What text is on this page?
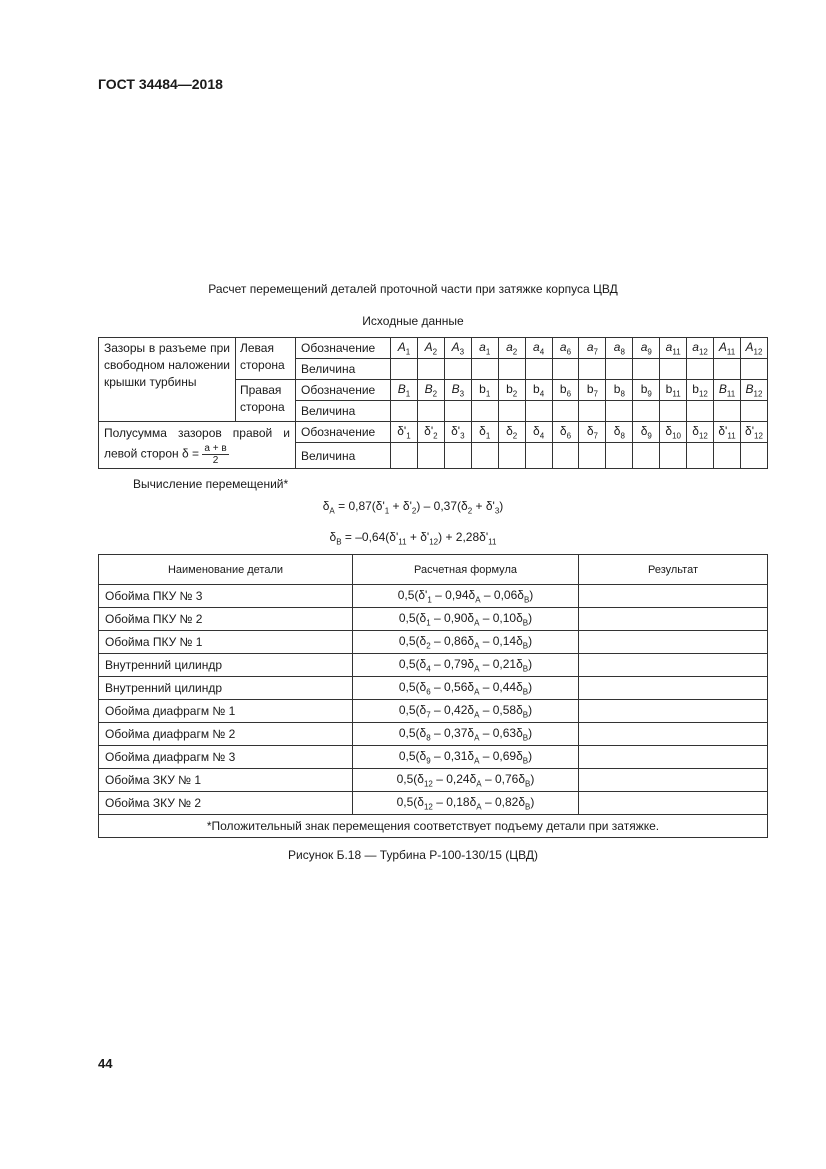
ГОСТ 34484—2018
Расчет перемещений деталей проточной части при затяжке корпуса ЦВД
Исходные данные
Зазоры в разъеме при свободном наложении крышки турбины	Левая сторона	Обозначение	$A_1$	$A_2$	$A_3$	$a_1$	$a_2$	$a_4$	$a_6$	$a_7$	$a_8$	$a_9$	$a_{11}$	$a_{12}$	$A_{11}$	$A_{12}$
		Величина														
	Правая сторона	Обозначение	$B_1$	$B_2$	$B_3$	$b_1$	$b_2$	$b_4$	$b_6$	$b_7$	$b_8$	$b_9$	$b_{11}$	$b_{12}$	$B_{11}$	$B_{12}$
		Величина														
Полусумма зазоров правой и левой сторон $\delta = \frac{а + в}{2}$		Обозначение	$\delta'_1$	$\delta'_2$	$\delta'_3$	$\delta_1$	$\delta_2$	$\delta_4$	$\delta_6$	$\delta_7$	$\delta_8$	$\delta_9$	$\delta_{10}$	$\delta_{12}$	$\delta'_{11}$	$\delta'_{12}$
		Величина														
Вычисление перемещений*
$\delta_A = 0,87(\delta'_1 + \delta'_2) - 0,37(\delta_2 + \delta'_3)$
$\delta_B = -0,64(\delta'_{11} + \delta'_{12}) + 2,28\delta'_{11}$
Наименование детали	Расчетная формула	Результат
Обойма ПКУ № 3	$0,5(\delta'_1 - 0,94\delta_A - 0,06\delta_B)$	
Обойма ПКУ № 2	$0,5(\delta_1 - 0,90\delta_A - 0,10\delta_B)$	
Обойма ПКУ № 1	$0,5(\delta_2 - 0,86\delta_A - 0,14\delta_B)$	
Внутренний цилиндр	$0,5(\delta_4 - 0,79\delta_A - 0,21\delta_B)$	
Внутренний цилиндр	$0,5(\delta_6 - 0,56\delta_A - 0,44\delta_B)$	
Обойма диафрагм № 1	$0,5(\delta_7 - 0,42\delta_A - 0,58\delta_B)$	
Обойма диафрагм № 2	$0,5(\delta_8 - 0,37\delta_A - 0,63\delta_B)$	
Обойма диафрагм № 3	$0,5(\delta_9 - 0,31\delta_A - 0,69\delta_B)$	
Обойма ЗКУ № 1	$0,5(\delta_{12} - 0,24\delta_A - 0,76\delta_B)$	
Обойма ЗКУ № 2	$0,5(\delta_{12} - 0,18\delta_A - 0,82\delta_B)$	
*Положительный знак перемещения соответствует подъему детали при затяжке.		
Рисунок Б.18 — Турбина Р-100-130/15 (ЦВД)
44
